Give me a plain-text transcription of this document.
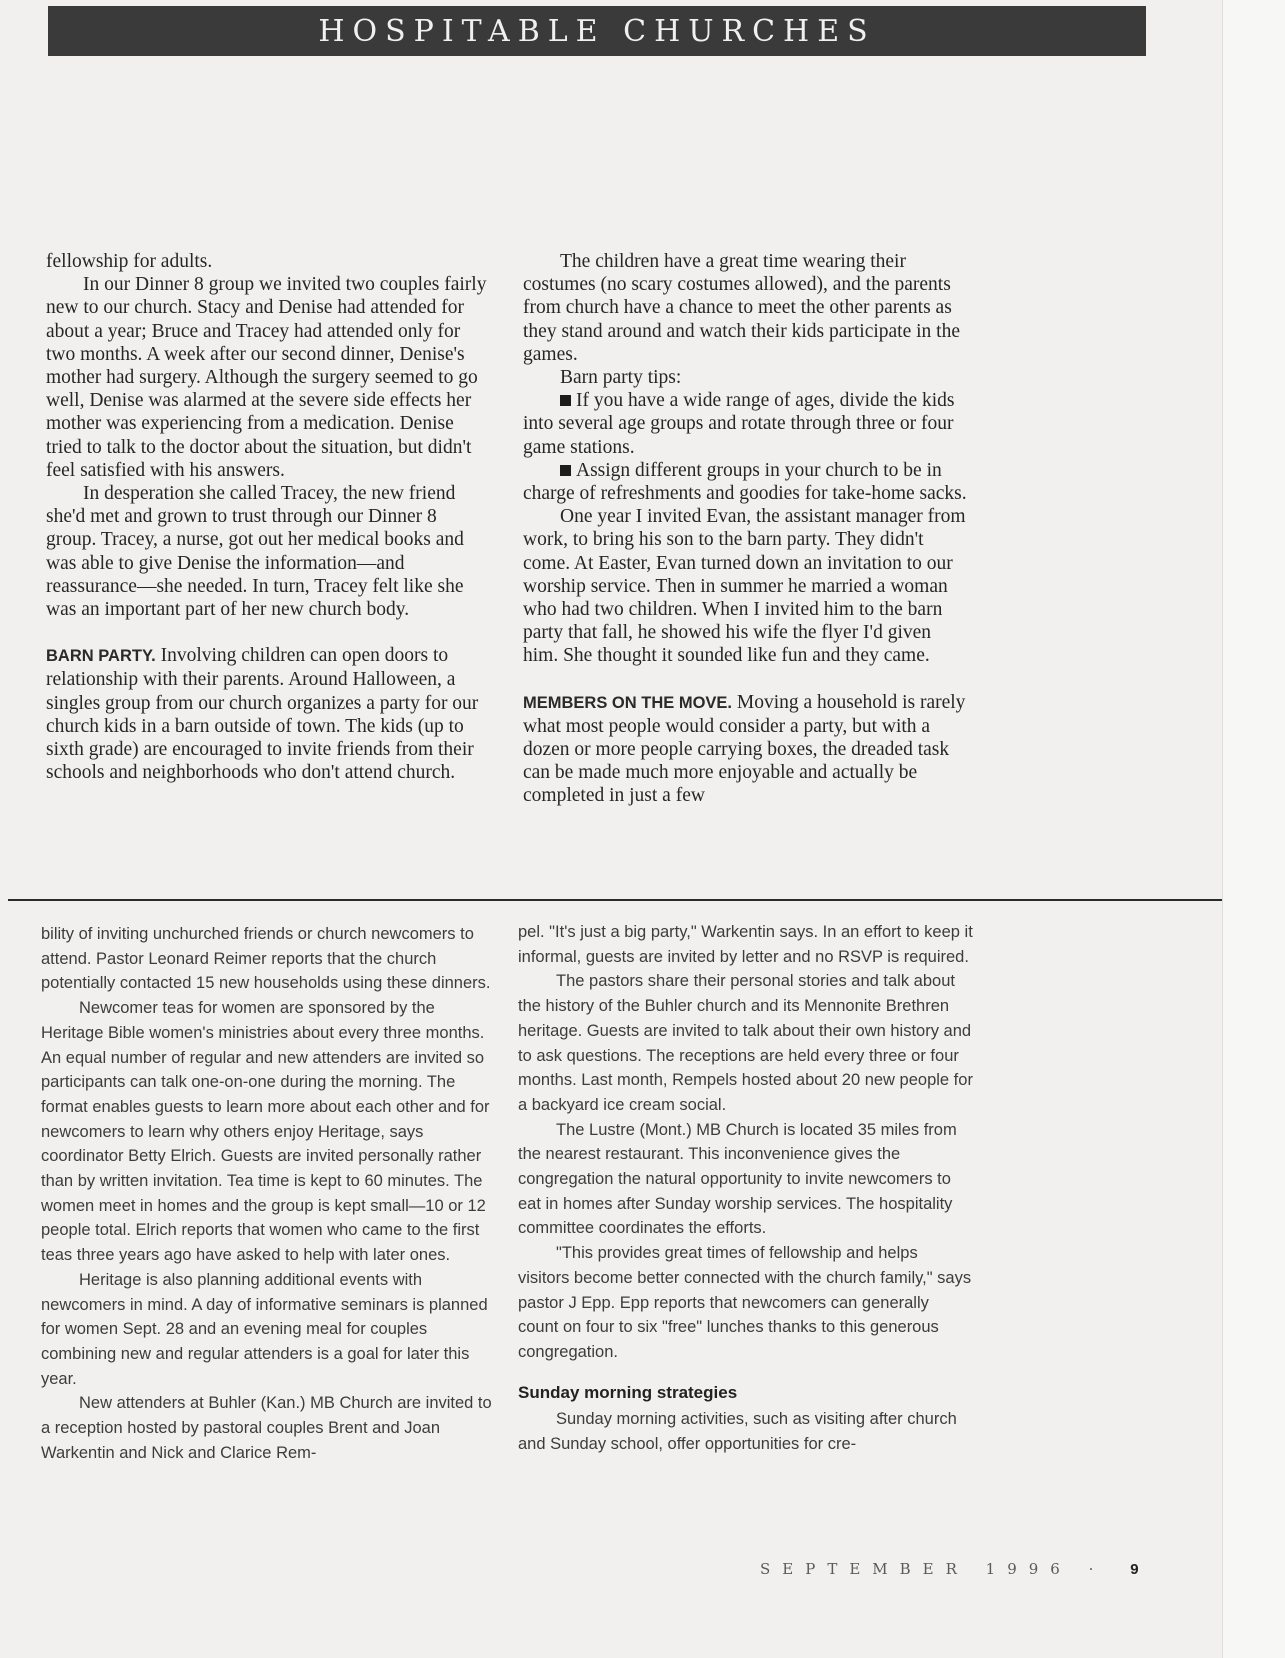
HOSPITABLE CHURCHES

fellowship for adults.

In our Dinner 8 group we invited two couples fairly new to our church. Stacy and Denise had attended for about a year; Bruce and Tracey had attended only for two months. A week after our second dinner, Denise's mother had surgery. Although the surgery seemed to go well, Denise was alarmed at the severe side effects her mother was experiencing from a medication. Denise tried to talk to the doctor about the situation, but didn't feel satisfied with his answers.

In desperation she called Tracey, the new friend she'd met and grown to trust through our Dinner 8 group. Tracey, a nurse, got out her medical books and was able to give Denise the information—and reassurance—she needed. In turn, Tracey felt like she was an important part of her new church body.

BARN PARTY. Involving children can open doors to relationship with their parents. Around Halloween, a singles group from our church organizes a party for our church kids in a barn outside of town. The kids (up to sixth grade) are encouraged to invite friends from their schools and neighborhoods who don't attend church.

The children have a great time wearing their costumes (no scary costumes allowed), and the parents from church have a chance to meet the other parents as they stand around and watch their kids participate in the games.

Barn party tips:

If you have a wide range of ages, divide the kids into several age groups and rotate through three or four game stations.

Assign different groups in your church to be in charge of refreshments and goodies for take-home sacks.

One year I invited Evan, the assistant manager from work, to bring his son to the barn party. They didn't come. At Easter, Evan turned down an invitation to our worship service. Then in summer he married a woman who had two children. When I invited him to the barn party that fall, he showed his wife the flyer I'd given him. She thought it sounded like fun and they came.

MEMBERS ON THE MOVE. Moving a household is rarely what most people would consider a party, but with a dozen or more people carrying boxes, the dreaded task can be made much more enjoyable and actually be completed in just a few

bility of inviting unchurched friends or church newcomers to attend. Pastor Leonard Reimer reports that the church potentially contacted 15 new households using these dinners.

Newcomer teas for women are sponsored by the Heritage Bible women's ministries about every three months. An equal number of regular and new attenders are invited so participants can talk one-on-one during the morning. The format enables guests to learn more about each other and for newcomers to learn why others enjoy Heritage, says coordinator Betty Elrich. Guests are invited personally rather than by written invitation. Tea time is kept to 60 minutes. The women meet in homes and the group is kept small—10 or 12 people total. Elrich reports that women who came to the first teas three years ago have asked to help with later ones.

Heritage is also planning additional events with newcomers in mind. A day of informative seminars is planned for women Sept. 28 and an evening meal for couples combining new and regular attenders is a goal for later this year.

New attenders at Buhler (Kan.) MB Church are invited to a reception hosted by pastoral couples Brent and Joan Warkentin and Nick and Clarice Rem-

pel. "It's just a big party," Warkentin says. In an effort to keep it informal, guests are invited by letter and no RSVP is required.

The pastors share their personal stories and talk about the history of the Buhler church and its Mennonite Brethren heritage. Guests are invited to talk about their own history and to ask questions. The receptions are held every three or four months. Last month, Rempels hosted about 20 new people for a backyard ice cream social.

The Lustre (Mont.) MB Church is located 35 miles from the nearest restaurant. This inconvenience gives the congregation the natural opportunity to invite newcomers to eat in homes after Sunday worship services. The hospitality committee coordinates the efforts.

"This provides great times of fellowship and helps visitors become better connected with the church family," says pastor J Epp. Epp reports that newcomers can generally count on four to six "free" lunches thanks to this generous congregation.

Sunday morning strategies

Sunday morning activities, such as visiting after church and Sunday school, offer opportunities for cre-

SEPTEMBER 1996 · 9
